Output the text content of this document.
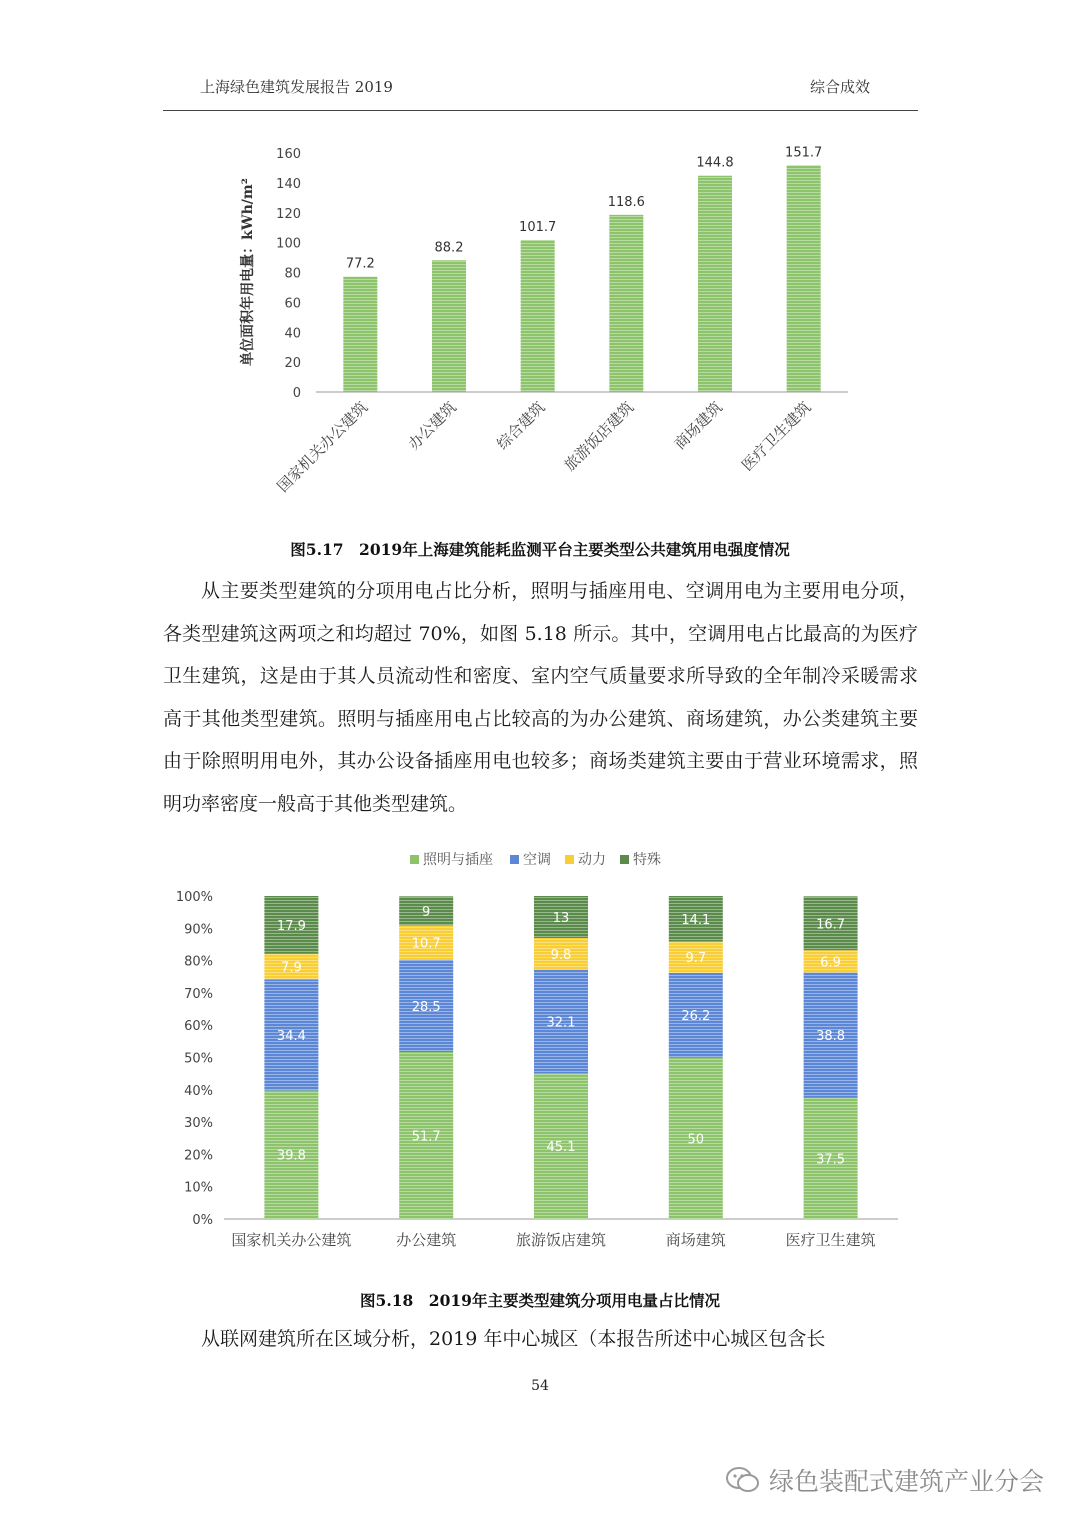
上海绿色建筑发展报告 2019	综合成效
0
20
40
60
80
100
120
140
160
单位面积年用电量：kWh/m²	77.2
国家机关办公建筑
88.2
办公建筑
101.7
综合建筑
118.6
旅游饭店建筑
144.8
商场建筑
151.7
医疗卫生建筑
图5.17　2019年上海建筑能耗监测平台主要类型公共建筑用电强度情况

从主要类型建筑的分项用电占比分析，照明与插座用电、空调用电为主要用电分项，各类型建筑这两项之和均超过 70%，如图 5.18 所示。其中，空调用电占比最高的为医疗卫生建筑，这是由于其人员流动性和密度、室内空气质量要求所导致的全年制冷采暖需求高于其他类型建筑。照明与插座用电占比较高的为办公建筑、商场建筑，办公类建筑主要由于除照明用电外，其办公设备插座用电也较多；商场类建筑主要由于营业环境需求，照明功率密度一般高于其他类型建筑。

0%
10%
20%
30%
40%
50%
60%
70%
80%
90%
100%
照明与插座 空调 动力 特殊
39.8
34.4
7.9
17.9
国家机关办公建筑
51.7
28.5
10.7
9
办公建筑
45.1
32.1
9.8
13
旅游饭店建筑
50
26.2
9.7
14.1
商场建筑
37.5
38.8
6.9
16.7
医疗卫生建筑
图5.18　2019年主要类型建筑分项用电量占比情况

从联网建筑所在区域分析，2019 年中心城区（本报告所述中心城区包含长

54
绿色装配式建筑产业分会
